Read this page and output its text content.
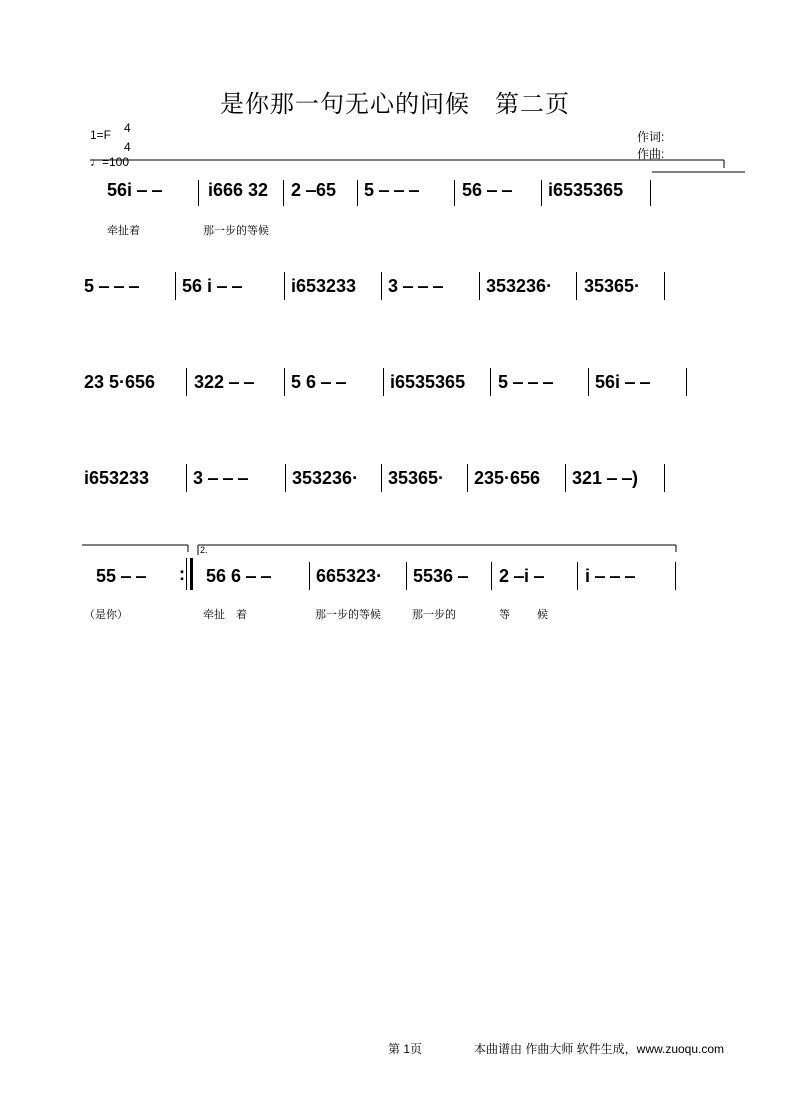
是你那一句无心的问候　第二页
1=F 4
4
♩=100
作词:
作曲:
56i ‒ ‒	i666 32 2 ‒65 5 ‒ ‒ ‒ 56 ‒ ‒ i6535365
牵扯着	那一步的等候
5 ‒ ‒ ‒ 56 i ‒ ‒	i653233 3 ‒ ‒ ‒ 353236· 35365·
23 5·656 322 ‒ ‒ 5 6 ‒ ‒ i6535365 5 ‒ ‒ ‒ 56i ‒ ‒
i653233 3 ‒ ‒ ‒ 353236· 35365· 235·656 321 ‒ ‒)
2.
55 ‒ ‒ : 56 6 ‒ ‒ 665323· 5536 ‒ 2 ‒i ‒ i ‒ ‒ ‒
（是你）	牵扯　着	那一步的等候	那一步的	等 候
第 1页	本曲谱由 作曲大师 软件生成，www.zuoqu.com
